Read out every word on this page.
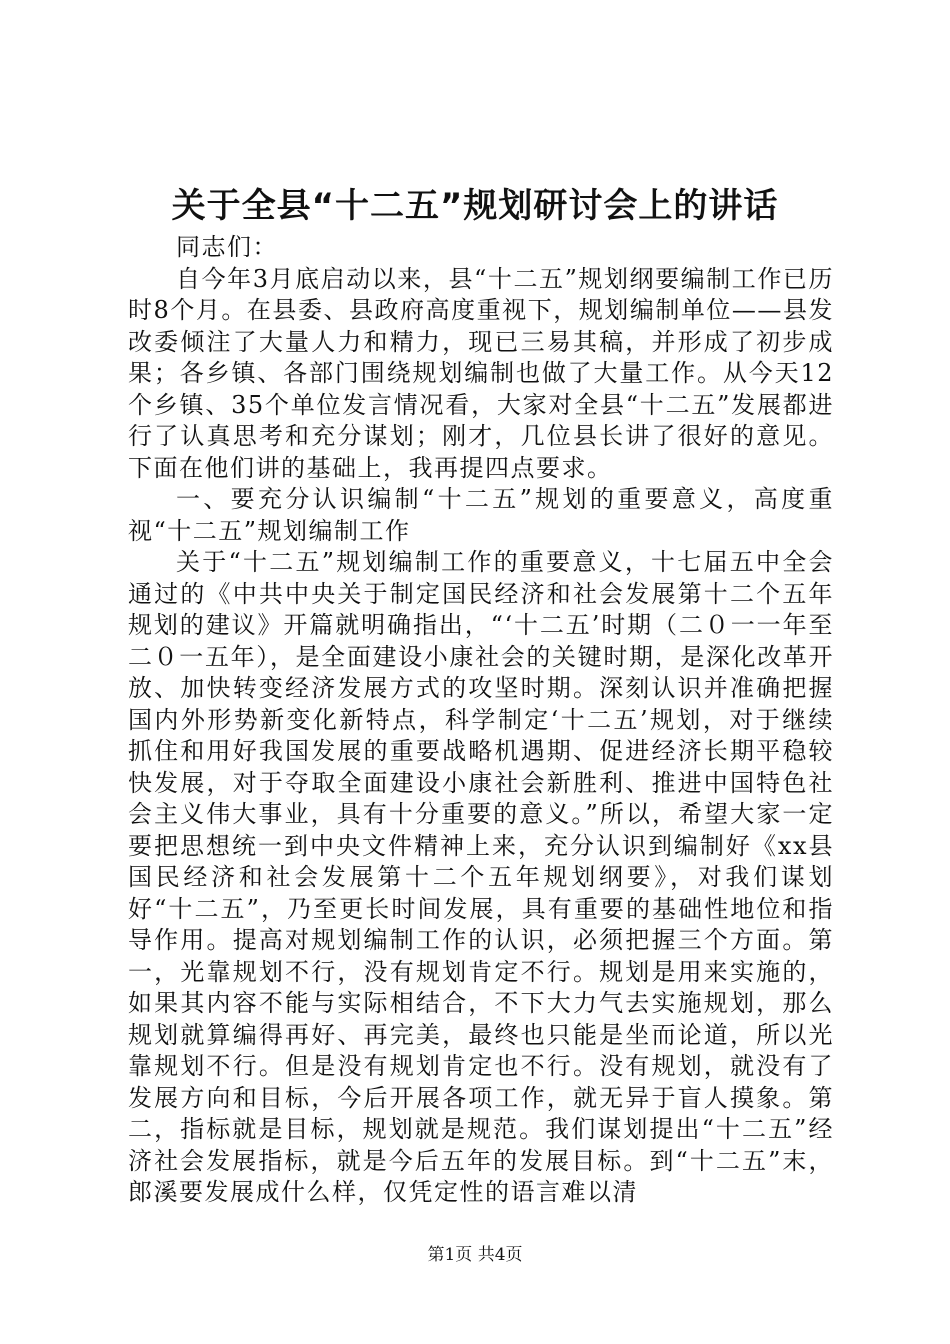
关于全县“十二五”规划研讨会上的讲话

同志们：

自今年3月底启动以来，县“十二五”规划纲要编制工作已历时8个月。在县委、县政府高度重视下，规划编制单位——县发改委倾注了大量人力和精力，现已三易其稿，并形成了初步成果；各乡镇、各部门围绕规划编制也做了大量工作。从今天12个乡镇、35个单位发言情况看，大家对全县“十二五”发展都进行了认真思考和充分谋划；刚才，几位县长讲了很好的意见。下面在他们讲的基础上，我再提四点要求。

一、要充分认识编制“十二五”规划的重要意义，高度重视“十二五”规划编制工作

关于“十二五”规划编制工作的重要意义，十七届五中全会通过的《中共中央关于制定国民经济和社会发展第十二个五年规划的建议》开篇就明确指出，“‘十二五’时期（二０一一年至二０一五年），是全面建设小康社会的关键时期，是深化改革开放、加快转变经济发展方式的攻坚时期。深刻认识并准确把握国内外形势新变化新特点，科学制定‘十二五’规划，对于继续抓住和用好我国发展的重要战略机遇期、促进经济长期平稳较快发展，对于夺取全面建设小康社会新胜利、推进中国特色社会主义伟大事业，具有十分重要的意义。”所以，希望大家一定要把思想统一到中央文件精神上来，充分认识到编制好《xx县国民经济和社会发展第十二个五年规划纲要》，对我们谋划好“十二五”，乃至更长时间发展，具有重要的基础性地位和指导作用。提高对规划编制工作的认识，必须把握三个方面。第一，光靠规划不行，没有规划肯定不行。规划是用来实施的，如果其内容不能与实际相结合，不下大力气去实施规划，那么规划就算编得再好、再完美，最终也只能是坐而论道，所以光靠规划不行。但是没有规划肯定也不行。没有规划，就没有了发展方向和目标，今后开展各项工作，就无异于盲人摸象。第二，指标就是目标，规划就是规范。我们谋划提出“十二五”经济社会发展指标，就是今后五年的发展目标。到“十二五”末，郎溪要发展成什么样，仅凭定性的语言难以清

第1页 共4页
